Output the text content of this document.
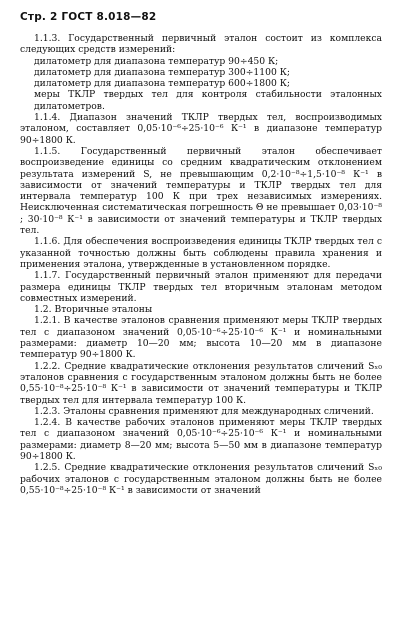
Стр. 2 ГОСТ 8.018—82

1.1.3. Государственный первичный эталон состоит из комплекса следующих средств измерений:

дилатометр для диапазона температур 90÷450 К;

дилатометр для диапазона температур 300÷1100 К;

дилатометр для диапазона температур 600÷1800 К;

меры ТКЛР твердых тел для контроля стабильности эталонных дилатометров.

1.1.4. Диапазон значений ТКЛР твердых тел, воспроизводимых эталоном, составляет 0,05·10⁻⁶÷25·10⁻⁶ К⁻¹ в диапазоне температур 90÷1800 К.

1.1.5. Государственный первичный эталон обеспечивает воспроизведение единицы со средним квадратическим отклонением результата измерений S, не превышающим 0,2·10⁻⁸÷1,5·10⁻⁸ К⁻¹ в зависимости от значений температуры и ТКЛР твердых тел для интервала температур 100 К при трех независимых измерениях. Неисключенная систематическая погрешность Θ не превышает 0,03·10⁻⁸ ; 30·10⁻⁸ К⁻¹ в зависимости от значений температуры и ТКЛР твердых тел.

1.1.6. Для обеспечения воспроизведения единицы ТКЛР твердых тел с указанной точностью должны быть соблюдены правила хранения и применения эталона, утвержденные в установленном порядке.

1.1.7. Государственный первичный эталон применяют для передачи размера единицы ТКЛР твердых тел вторичным эталонам методом совместных измерений.

1.2. Вторичные эталоны

1.2.1. В качестве эталонов сравнения применяют меры ТКЛР твердых тел с диапазоном значений 0,05·10⁻⁶÷25·10⁻⁶ К⁻¹ и номинальными размерами: диаметр 10—20 мм; высота 10—20 мм в диапазоне температур 90÷1800 К.

1.2.2. Средние квадратические отклонения результатов сличений Sₓ₀ эталонов сравнения с государственным эталоном должны быть не более 0,55·10⁻⁸÷25·10⁻⁸ К⁻¹ в зависимости от значений температуры и ТКЛР твердых тел для интервала температур 100 К.

1.2.3. Эталоны сравнения применяют для международных сличений.

1.2.4. В качестве рабочих эталонов применяют меры ТКЛР твердых тел с диапазоном значений 0,05·10⁻⁶÷25·10⁻⁶ К⁻¹ и номинальными размерами: диаметр 8—20 мм; высота 5—50 мм в диапазоне температур 90÷1800 К.

1.2.5. Средние квадратические отклонения результатов сличений Sₓ₀ рабочих эталонов с государственным эталоном должны быть не более 0,55·10⁻⁸÷25·10⁻⁸ К⁻¹ в зависимости от значений
